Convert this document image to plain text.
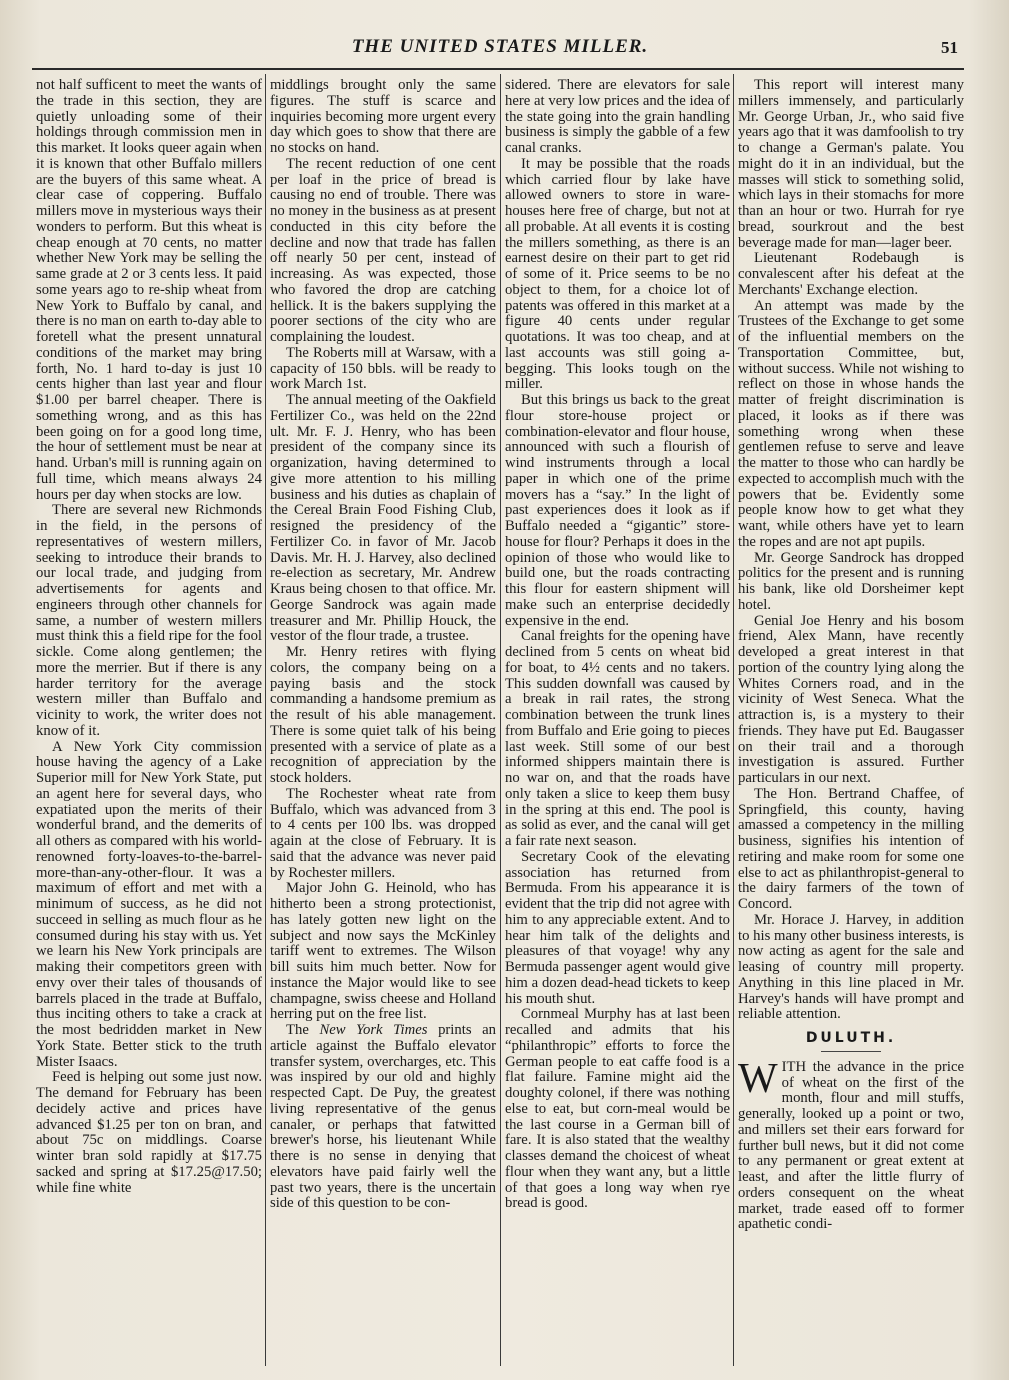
THE UNITED STATES MILLER.	51

not half sufficent to meet the wants of the trade in this section, they are quietly unloading some of their holdings through commission men in this market. It looks queer again when it is known that other Buffalo millers are the buyers of this same wheat. A clear case of coppering. Buffalo millers move in mysterious ways their wonders to perform. But this wheat is cheap enough at 70 cents, no matter whether New York may be selling the same grade at 2 or 3 cents less. It paid some years ago to re-ship wheat from New York to Buffalo by canal, and there is no man on earth to-day able to foretell what the present unnatural conditions of the market may bring forth, No. 1 hard to-day is just 10 cents higher than last year and flour $1.00 per barrel cheaper. There is something wrong, and as this has been going on for a good long time, the hour of settlement must be near at hand. Urban's mill is running again on full time, which means always 24 hours per day when stocks are low.

There are several new Richmonds in the field, in the persons of representatives of western millers, seeking to introduce their brands to our local trade, and judging from advertisements for agents and engineers through other channels for same, a number of western millers must think this a field ripe for the fool sickle. Come along gentlemen; the more the merrier. But if there is any harder territory for the average western miller than Buffalo and vicinity to work, the writer does not know of it.

A New York City commission house having the agency of a Lake Superior mill for New York State, put an agent here for several days, who expatiated upon the merits of their wonderful brand, and the demerits of all others as compared with his world-renowned forty-loaves-to-the-barrel-more-than-any-other-flour. It was a maximum of effort and met with a minimum of success, as he did not succeed in selling as much flour as he consumed during his stay with us. Yet we learn his New York principals are making their competitors green with envy over their tales of thousands of barrels placed in the trade at Buffalo, thus inciting others to take a crack at the most bedridden market in New York State. Better stick to the truth Mister Isaacs.

Feed is helping out some just now. The demand for February has been decidely active and prices have advanced $1.25 per ton on bran, and about 75c on middlings. Coarse winter bran sold rapidly at $17.75 sacked and spring at $17.25@17.50; while fine white

middlings brought only the same figures. The stuff is scarce and inquiries becoming more urgent every day which goes to show that there are no stocks on hand.

The recent reduction of one cent per loaf in the price of bread is causing no end of trouble. There was no money in the business as at present conducted in this city before the decline and now that trade has fallen off nearly 50 per cent, instead of increasing. As was expected, those who favored the drop are catching hellick. It is the bakers supplying the poorer sections of the city who are complaining the loudest.

The Roberts mill at Warsaw, with a capacity of 150 bbls. will be ready to work March 1st.

The annual meeting of the Oakfield Fertilizer Co., was held on the 22nd ult. Mr. F. J. Henry, who has been president of the company since its organization, having determined to give more attention to his milling business and his duties as chaplain of the Cereal Brain Food Fishing Club, resigned the presidency of the Fertilizer Co. in favor of Mr. Jacob Davis. Mr. H. J. Harvey, also declined re-election as secretary, Mr. Andrew Kraus being chosen to that office. Mr. George Sandrock was again made treasurer and Mr. Phillip Houck, the vestor of the flour trade, a trustee.

Mr. Henry retires with flying colors, the company being on a paying basis and the stock commanding a handsome premium as the result of his able management. There is some quiet talk of his being presented with a service of plate as a recognition of appreciation by the stock holders.

The Rochester wheat rate from Buffalo, which was advanced from 3 to 4 cents per 100 lbs. was dropped again at the close of February. It is said that the advance was never paid by Rochester millers.

Major John G. Heinold, who has hitherto been a strong protectionist, has lately gotten new light on the subject and now says the McKinley tariff went to extremes. The Wilson bill suits him much better. Now for instance the Major would like to see champagne, swiss cheese and Holland herring put on the free list.

The New York Times prints an article against the Buffalo elevator transfer system, overcharges, etc. This was inspired by our old and highly respected Capt. De Puy, the greatest living representative of the genus canaler, or perhaps that fatwitted brewer's horse, his lieutenant While there is no sense in denying that elevators have paid fairly well the past two years, there is the uncertain side of this question to be con-

sidered. There are elevators for sale here at very low prices and the idea of the state going into the grain handling business is simply the gabble of a few canal cranks.

It may be possible that the roads which carried flour by lake have allowed owners to store in ware-houses here free of charge, but not at all probable. At all events it is costing the millers something, as there is an earnest desire on their part to get rid of some of it. Price seems to be no object to them, for a choice lot of patents was offered in this market at a figure 40 cents under regular quotations. It was too cheap, and at last accounts was still going a-begging. This looks tough on the miller.

But this brings us back to the great flour store-house project or combination-elevator and flour house, announced with such a flourish of wind instruments through a local paper in which one of the prime movers has a “say.” In the light of past experiences does it look as if Buffalo needed a “gigantic” store-house for flour? Perhaps it does in the opinion of those who would like to build one, but the roads contracting this flour for eastern shipment will make such an enterprise decidedly expensive in the end.

Canal freights for the opening have declined from 5 cents on wheat bid for boat, to 4½ cents and no takers. This sudden downfall was caused by a break in rail rates, the strong combination between the trunk lines from Buffalo and Erie going to pieces last week. Still some of our best informed shippers maintain there is no war on, and that the roads have only taken a slice to keep them busy in the spring at this end. The pool is as solid as ever, and the canal will get a fair rate next season.

Secretary Cook of the elevating association has returned from Bermuda. From his appearance it is evident that the trip did not agree with him to any appreciable extent. And to hear him talk of the delights and pleasures of that voyage! why any Bermuda passenger agent would give him a dozen dead-head tickets to keep his mouth shut.

Cornmeal Murphy has at last been recalled and admits that his “philanthropic” efforts to force the German people to eat caffe food is a flat failure. Famine might aid the doughty colonel, if there was nothing else to eat, but corn-meal would be the last course in a German bill of fare. It is also stated that the wealthy classes demand the choicest of wheat flour when they want any, but a little of that goes a long way when rye bread is good.

This report will interest many millers immensely, and particularly Mr. George Urban, Jr., who said five years ago that it was damfoolish to try to change a German's palate. You might do it in an individual, but the masses will stick to something solid, which lays in their stomachs for more than an hour or two. Hurrah for rye bread, sourkrout and the best beverage made for man—lager beer.

Lieutenant Rodebaugh is convalescent after his defeat at the Merchants' Exchange election.

An attempt was made by the Trustees of the Exchange to get some of the influential members on the Transportation Committee, but, without success. While not wishing to reflect on those in whose hands the matter of freight discrimination is placed, it looks as if there was something wrong when these gentlemen refuse to serve and leave the matter to those who can hardly be expected to accomplish much with the powers that be. Evidently some people know how to get what they want, while others have yet to learn the ropes and are not apt pupils.

Mr. George Sandrock has dropped politics for the present and is running his bank, like old Dorsheimer kept hotel.

Genial Joe Henry and his bosom friend, Alex Mann, have recently developed a great interest in that portion of the country lying along the Whites Corners road, and in the vicinity of West Seneca. What the attraction is, is a mystery to their friends. They have put Ed. Baugasser on their trail and a thorough investigation is assured. Further particulars in our next.

The Hon. Bertrand Chaffee, of Springfield, this county, having amassed a competency in the milling business, signifies his intention of retiring and make room for some one else to act as philanthropist-general to the dairy farmers of the town of Concord.

Mr. Horace J. Harvey, in addition to his many other business interests, is now acting as agent for the sale and leasing of country mill property. Anything in this line placed in Mr. Harvey's hands will have prompt and reliable attention.

DULUTH.

WITH the advance in the price of wheat on the first of the month, flour and mill stuffs, generally, looked up a point or two, and millers set their ears forward for further bull news, but it did not come to any permanent or great extent at least, and after the little flurry of orders consequent on the wheat market, trade eased off to former apathetic condi-
